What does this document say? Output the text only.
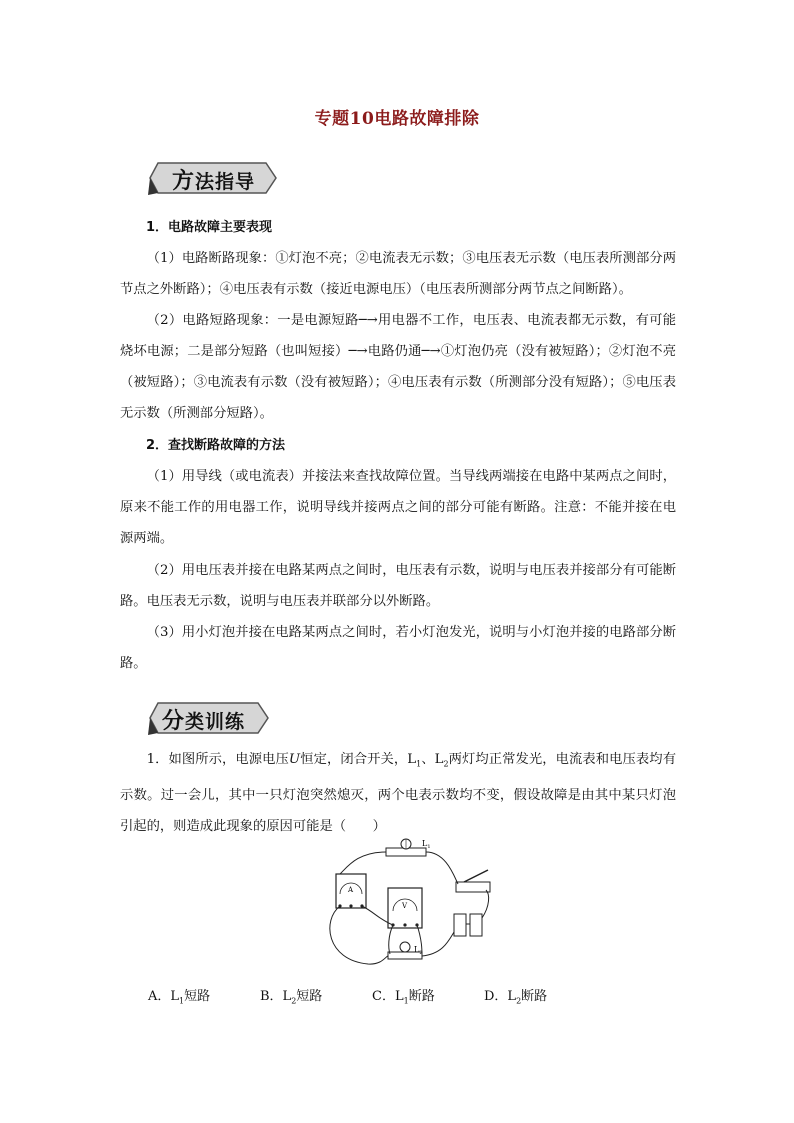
专题10电路故障排除
方法指导
1．电路故障主要表现
（1）电路断路现象：①灯泡不亮；②电流表无示数；③电压表无示数（电压表所测部分两节点之外断路）；④电压表有示数（接近电源电压）（电压表所测部分两节点之间断路）。
（2）电路短路现象：一是电源短路─→用电器不工作，电压表、电流表都无示数，有可能烧坏电源；二是部分短路（也叫短接）─→电路仍通─→①灯泡仍亮（没有被短路）；②灯泡不亮（被短路）；③电流表有示数（没有被短路）；④电压表有示数（所测部分没有短路）；⑤电压表无示数（所测部分短路）。
2．查找断路故障的方法
（1）用导线（或电流表）并接法来查找故障位置。当导线两端接在电路中某两点之间时，原来不能工作的用电器工作，说明导线并接两点之间的部分可能有断路。注意：不能并接在电源两端。
（2）用电压表并接在电路某两点之间时，电压表有示数，说明与电压表并接部分有可能断路。电压表无示数，说明与电压表并联部分以外断路。
（3）用小灯泡并接在电路某两点之间时，若小灯泡发光，说明与小灯泡并接的电路部分断路。
分类训练
1．如图所示，电源电压U恒定，闭合开关，$L_1$、$L_2$两灯均正常发光，电流表和电压表均有示数。过一会儿，其中一只灯泡突然熄灭，两个电表示数均不变，假设故障是由其中某只灯泡引起的，则造成此现象的原因可能是（　　）
$L_1$
A
V
$L_2$
A．$L_1$短路	B．$L_2$短路	C．$L_1$断路	D．$L_2$断路
